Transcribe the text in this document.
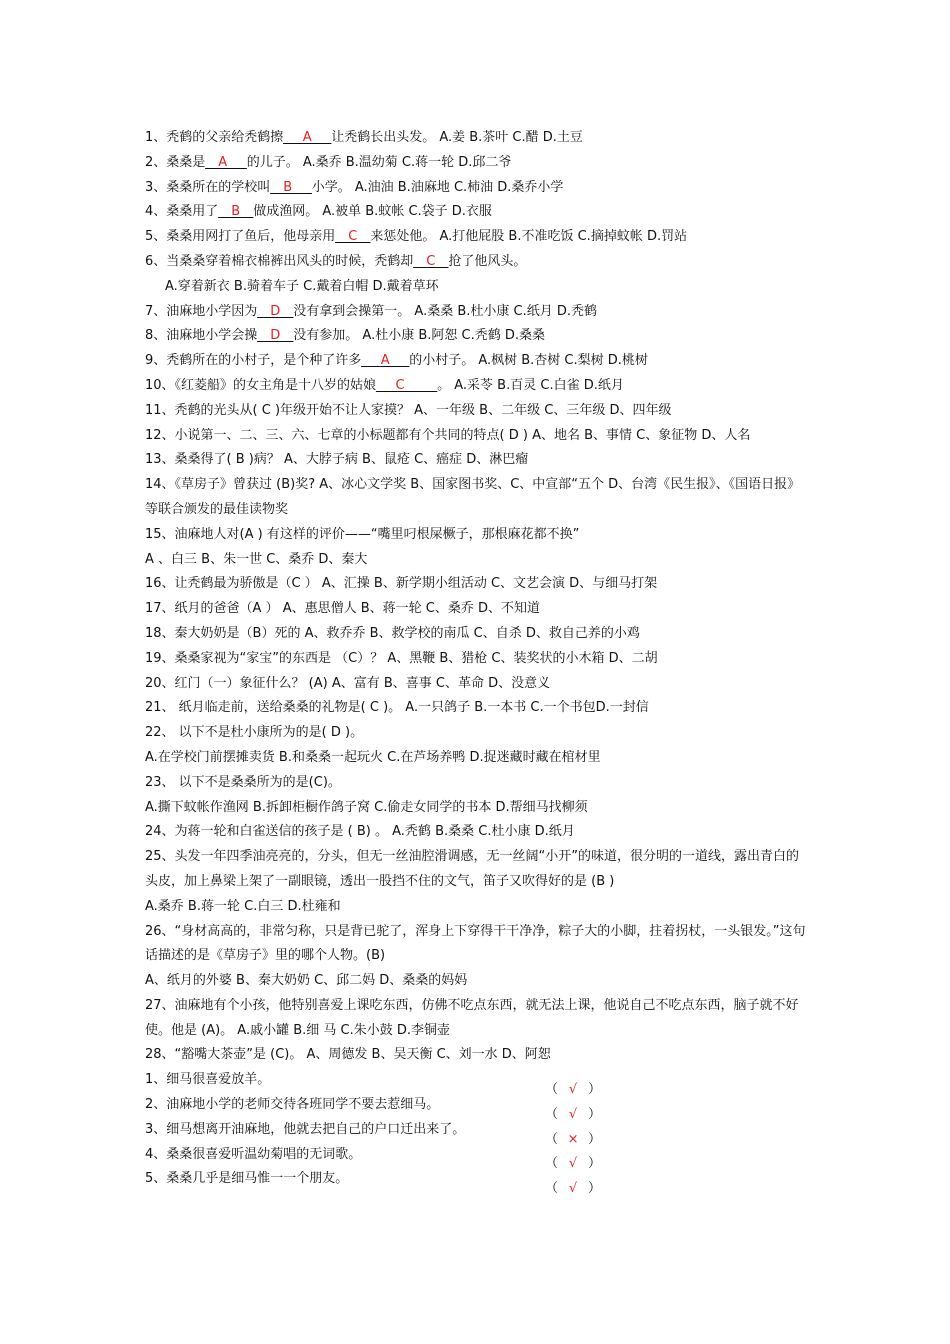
1、秃鹤的父亲给秃鹤擦___A___让秃鹤长出头发。 A.姜 B.茶叶 C.醋 D.土豆
2、桑桑是__A___的儿子。 A.桑乔 B.温幼菊 C.蒋一轮 D.邱二爷
3、桑桑所在的学校叫__B___小学。 A.油油 B.油麻地 C.柿油 D.桑乔小学
4、桑桑用了__B__做成渔网。 A.被单 B.蚊帐 C.袋子 D.衣服
5、桑桑用网打了鱼后，他母亲用__C__来惩处他。 A.打他屁股 B.不准吃饭 C.摘掉蚊帐 D.罚站
6、当桑桑穿着棉衣棉裤出风头的时候，秃鹤却__C__抢了他风头。
A.穿着新衣 B.骑着车子 C.戴着白帽 D.戴着草环
7、油麻地小学因为__D__没有拿到会操第一。 A.桑桑 B.杜小康 C.纸月 D.秃鹤
8、油麻地小学会操__D__没有参加。 A.杜小康 B.阿恕 C.秃鹤 D.桑桑
9、秃鹤所在的小村子，是个种了许多___A___的小村子。 A.枫树 B.杏树 C.梨树 D.桃树
10、《红菱船》的女主角是十八岁的姑娘___C_____。 A.采苓 B.百灵 C.白雀 D.纸月
11、秃鹤的光头从( C )年级开始不让人家摸？ A、一年级 B、二年级 C、三年级 D、四年级
12、小说第一、二、三、六、七章的小标题都有个共同的特点( D ) A、地名 B、事情 C、象征物 D、人名
13、桑桑得了( B )病？ A、大脖子病 B、鼠疮 C、癌症 D、淋巴瘤
14、《草房子》曾获过 (B)奖? A、冰心文学奖 B、国家图书奖、C、中宣部“五个 D、台湾《民生报》、《国语日报》等联合颁发的最佳读物奖
15、油麻地人对(A ) 有这样的评价——“嘴里叼根屎橛子，那根麻花都不换”
A 、白三 B、朱一世 C、桑乔 D、秦大
16、让秃鹤最为骄傲是（C ） A、汇操 B、新学期小组活动 C、文艺会演 D、与细马打架
17、纸月的爸爸（A ） A、惠思僧人 B、蒋一轮 C、桑乔 D、不知道
18、秦大奶奶是（B）死的 A、救乔乔 B、救学校的南瓜 C、自杀 D、救自己养的小鸡
19、桑桑家视为“家宝”的东西是 （C）？ A、黑鞭 B、猎枪 C、装奖状的小木箱 D、二胡
20、红门（一）象征什么？ (A) A、富有 B、喜事 C、革命 D、没意义
21、 纸月临走前，送给桑桑的礼物是( C )。 A.一只鸽子 B.一本书 C.一个书包D.一封信
22、 以下不是杜小康所为的是( D )。
A.在学校门前摆摊卖货 B.和桑桑一起玩火 C.在芦场养鸭 D.捉迷藏时藏在棺材里
23、 以下不是桑桑所为的是(C)。
A.撕下蚊帐作渔网 B.拆卸柜橱作鸽子窝 C.偷走女同学的书本 D.帮细马找柳须
24、为蒋一轮和白雀送信的孩子是 ( B) 。 A.秃鹤 B.桑桑 C.杜小康 D.纸月
25、头发一年四季油亮亮的，分头，但无一丝油腔滑调感，无一丝阔“小开”的味道，很分明的一道线，露出青白的头皮，加上鼻梁上架了一副眼镜，透出一股挡不住的文气，笛子又吹得好的是 (B )
A.桑乔 B.蒋一轮 C.白三 D.杜雍和
26、“身材高高的，非常匀称，只是背已驼了，浑身上下穿得干干净净，粽子大的小脚，拄着拐杖，一头银发。”这句话描述的是《草房子》里的哪个人物。(B)
A、纸月的外婆 B、秦大奶奶 C、邱二妈 D、桑桑的妈妈
27、油麻地有个小孩，他特别喜爱上课吃东西，仿佛不吃点东西，就无法上课，他说自己不吃点东西，脑子就不好使。他是 (A)。 A.戚小罐 B.细 马 C.朱小鼓 D.李铜壶
28、“豁嘴大茶壶”是 (C)。 A、周德发 B、吴天衡 C、刘一水 D、阿恕
1、细马很喜爱放羊。（ √ ）
2、油麻地小学的老师交待各班同学不要去惹细马。（ √ ）
3、细马想离开油麻地，他就去把自己的户口迁出来了。（ × ）
4、桑桑很喜爱听温幼菊唱的无词歌。（ √ ）
5、桑桑几乎是细马惟一一个朋友。（ √ ）
